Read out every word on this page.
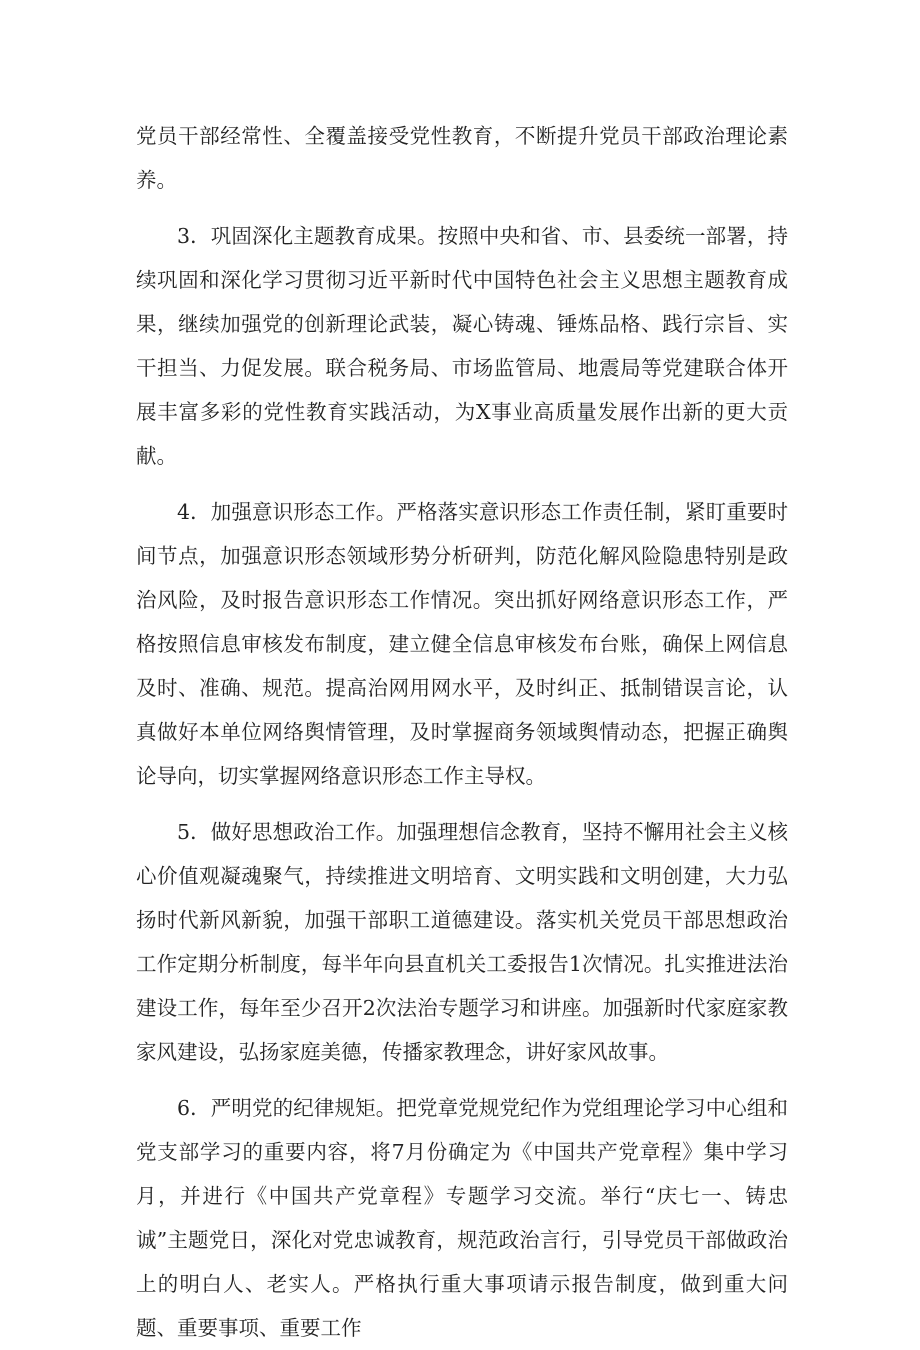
党员干部经常性、全覆盖接受党性教育，不断提升党员干部政治理论素养。

3．巩固深化主题教育成果。按照中央和省、市、县委统一部署，持续巩固和深化学习贯彻习近平新时代中国特色社会主义思想主题教育成果，继续加强党的创新理论武装，凝心铸魂、锤炼品格、践行宗旨、实干担当、力促发展。联合税务局、市场监管局、地震局等党建联合体开展丰富多彩的党性教育实践活动，为X事业高质量发展作出新的更大贡献。

4．加强意识形态工作。严格落实意识形态工作责任制，紧盯重要时间节点，加强意识形态领域形势分析研判，防范化解风险隐患特别是政治风险，及时报告意识形态工作情况。突出抓好网络意识形态工作，严格按照信息审核发布制度，建立健全信息审核发布台账，确保上网信息及时、准确、规范。提高治网用网水平，及时纠正、抵制错误言论，认真做好本单位网络舆情管理，及时掌握商务领域舆情动态，把握正确舆论导向，切实掌握网络意识形态工作主导权。

5．做好思想政治工作。加强理想信念教育，坚持不懈用社会主义核心价值观凝魂聚气，持续推进文明培育、文明实践和文明创建，大力弘扬时代新风新貌，加强干部职工道德建设。落实机关党员干部思想政治工作定期分析制度，每半年向县直机关工委报告1次情况。扎实推进法治建设工作，每年至少召开2次法治专题学习和讲座。加强新时代家庭家教家风建设，弘扬家庭美德，传播家教理念，讲好家风故事。

6．严明党的纪律规矩。把党章党规党纪作为党组理论学习中心组和党支部学习的重要内容，将7月份确定为《中国共产党章程》集中学习月，并进行《中国共产党章程》专题学习交流。举行“庆七一、铸忠诚”主题党日，深化对党忠诚教育，规范政治言行，引导党员干部做政治上的明白人、老实人。严格执行重大事项请示报告制度，做到重大问题、重要事项、重要工作
